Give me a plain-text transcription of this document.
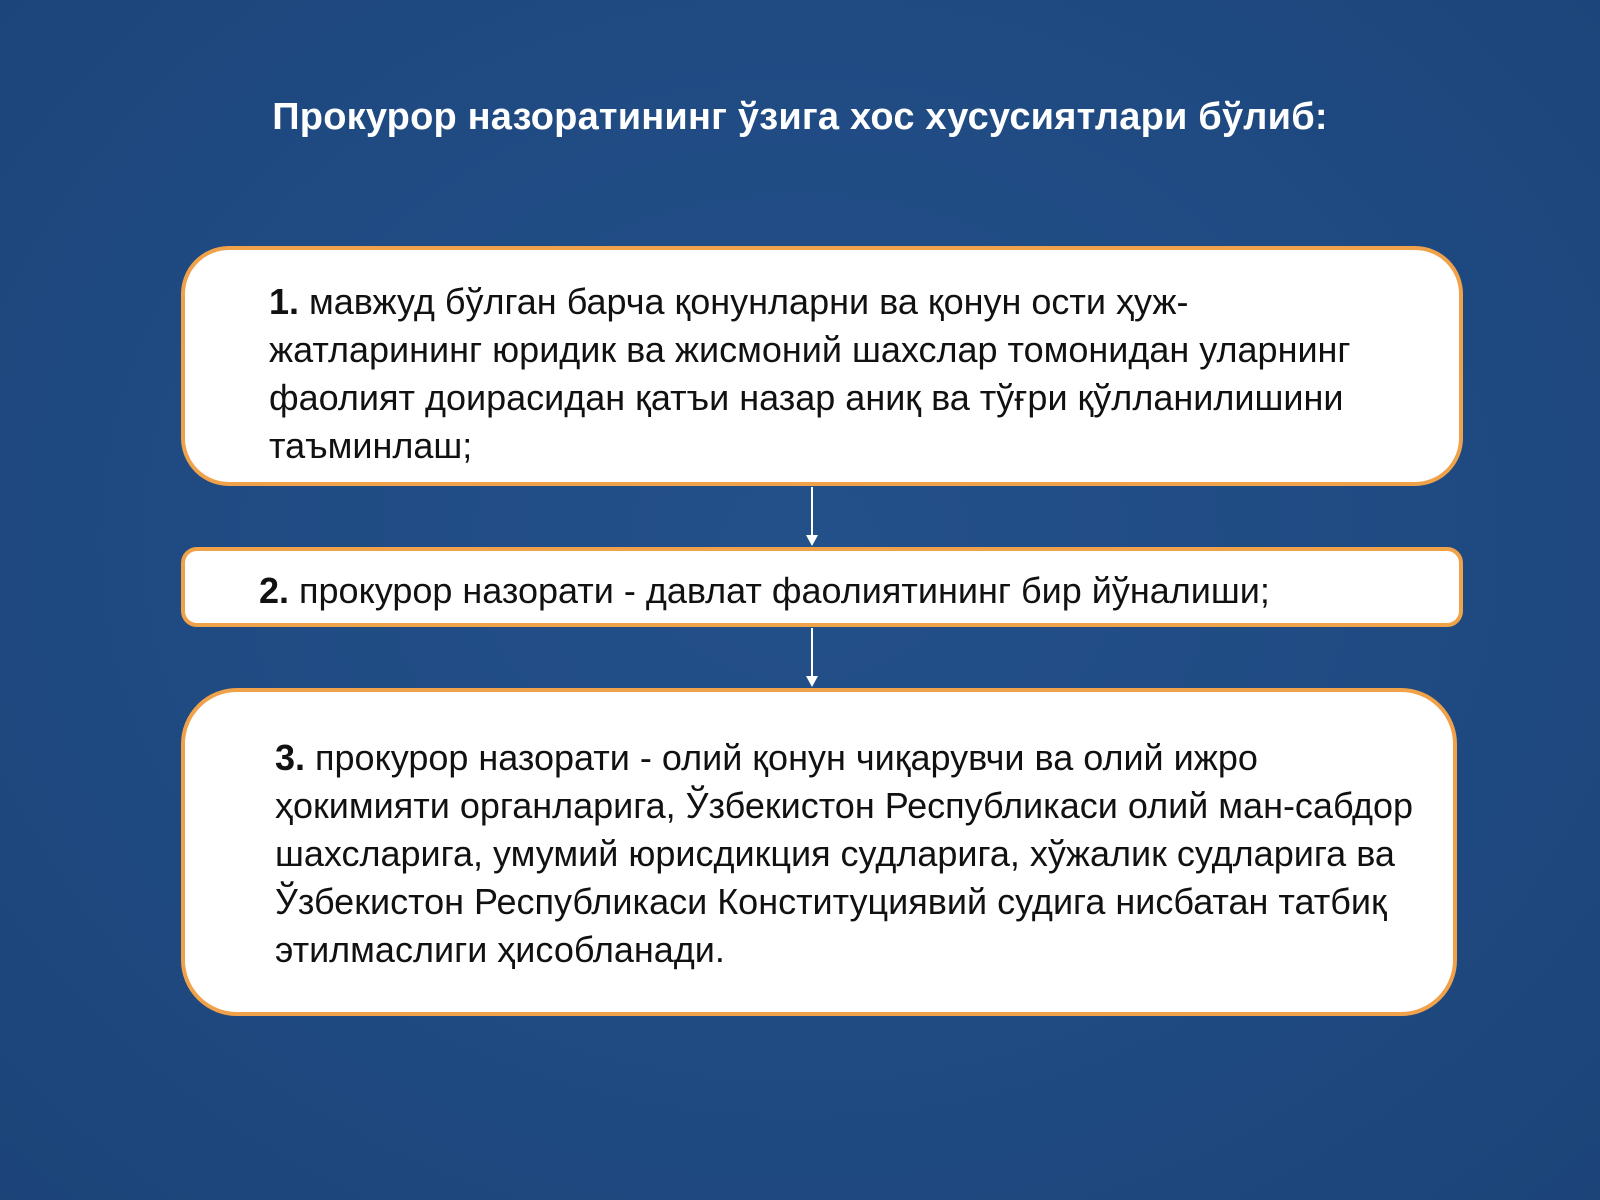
Прокурор назоратининг ўзига хос хусусиятлари бўлиб:
1. мавжуд бўлган барча қонунларни ва қонун ости ҳуж-жатларининг юридик ва жисмоний шахслар томонидан уларнинг фаолият доирасидан қатъи назар аниқ ва тўғри қўлланилишини таъминлаш;
2. прокурор назорати - давлат фаолиятининг бир йўналиши;
3. прокурор назорати - олий қонун чиқарувчи ва олий ижро ҳокимияти органларига, Ўзбекистон Республикаси олий ман-сабдор шахсларига, умумий юрисдикция судларига, хўжалик судларига ва Ўзбекистон Республикаси Конституциявий судига нисбатан татбиқ этилмаслиги ҳисобланади.
